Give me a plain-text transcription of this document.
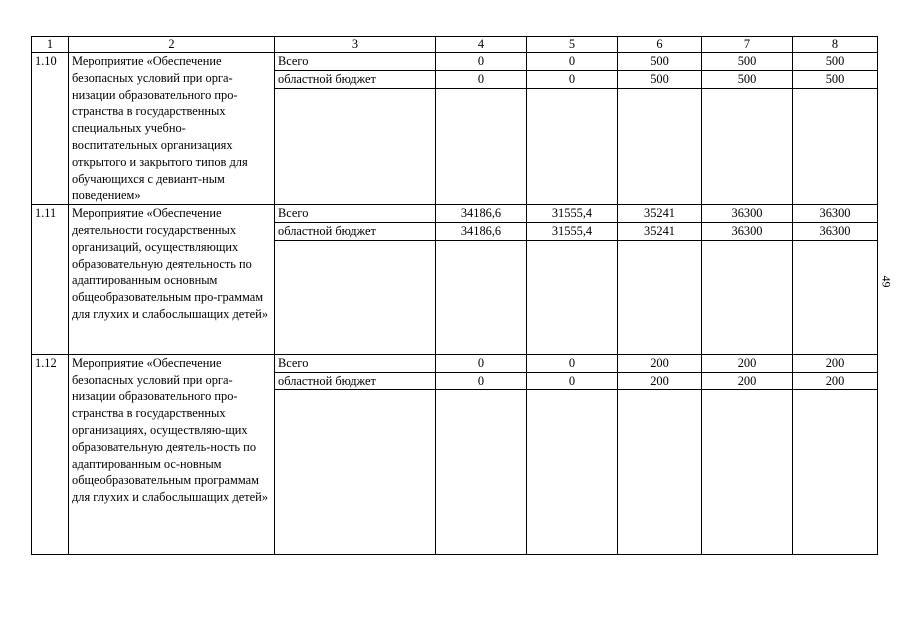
1	2	3	4	5	6	7	8
1.10	Мероприятие «Обеспечение безопасных условий при орга-низации образовательного про-странства в государственных специальных учебно-воспитательных организациях открытого и закрытого типов для обучающихся с девиант-ным поведением»	Всего	0	0	500	500	500
		областной бюджет	0	0	500	500	500

1.11	Мероприятие «Обеспечение деятельности государственных организаций, осуществляющих образовательную деятельность по адаптированным основным общеобразовательным про-граммам для глухих и слабослышащих детей»	Всего	34186,6	31555,4	35241	36300	36300
		областной бюджет	34186,6	31555,4	35241	36300	36300

1.12	Мероприятие «Обеспечение безопасных условий при орга-низации образовательного про-странства в государственных организациях, осуществляю-щих образовательную деятель-ность по адаптированным ос-новным общеобразовательным программам для глухих и слабослышащих детей»	Всего	0	0	200	200	200
		областной бюджет	0	0	200	200	200

49
